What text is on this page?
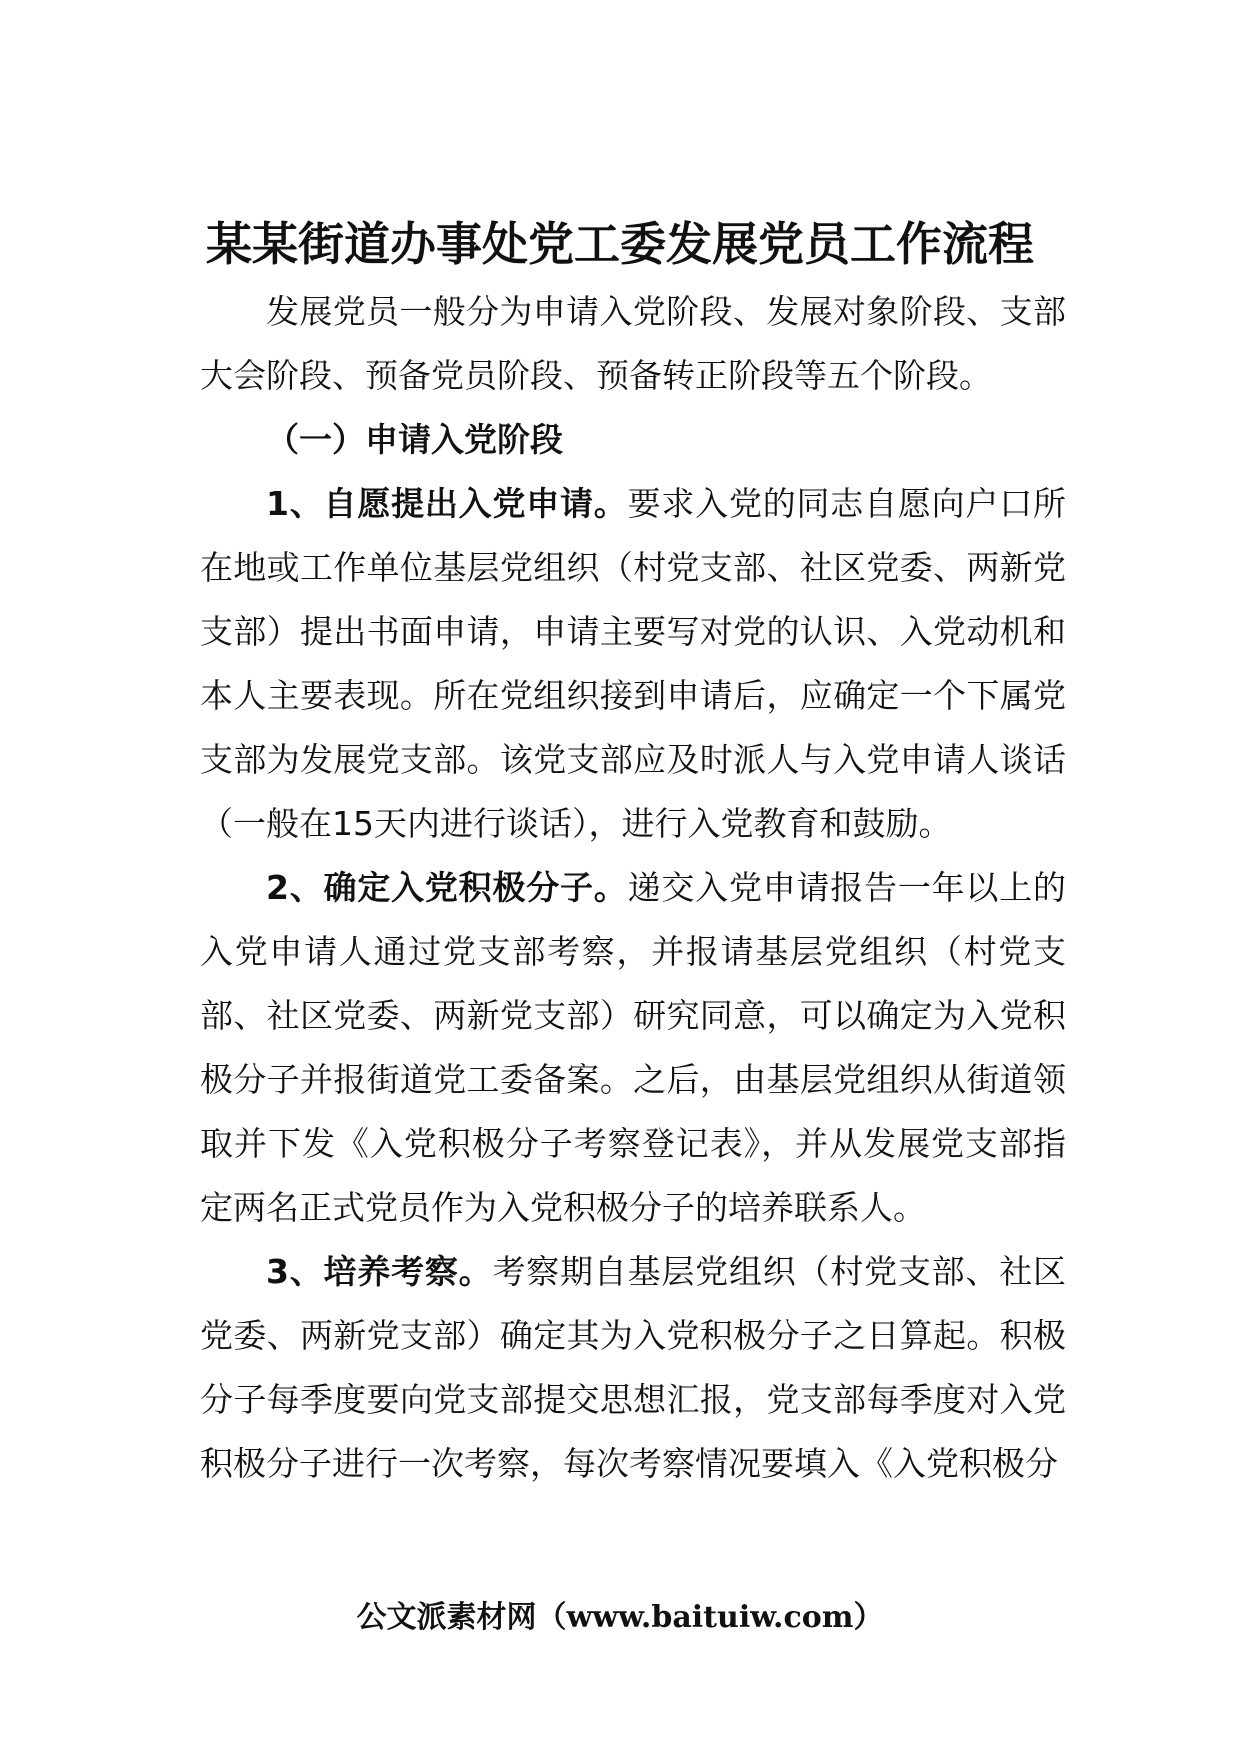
某某街道办事处党工委发展党员工作流程

发展党员一般分为申请入党阶段、发展对象阶段、支部大会阶段、预备党员阶段、预备转正阶段等五个阶段。

（一）申请入党阶段

1、自愿提出入党申请。要求入党的同志自愿向户口所在地或工作单位基层党组织（村党支部、社区党委、两新党支部）提出书面申请，申请主要写对党的认识、入党动机和本人主要表现。所在党组织接到申请后，应确定一个下属党支部为发展党支部。该党支部应及时派人与入党申请人谈话（一般在15天内进行谈话），进行入党教育和鼓励。

2、确定入党积极分子。递交入党申请报告一年以上的入党申请人通过党支部考察，并报请基层党组织（村党支部、社区党委、两新党支部）研究同意，可以确定为入党积极分子并报街道党工委备案。之后，由基层党组织从街道领取并下发《入党积极分子考察登记表》，并从发展党支部指定两名正式党员作为入党积极分子的培养联系人。

3、培养考察。考察期自基层党组织（村党支部、社区党委、两新党支部）确定其为入党积极分子之日算起。积极分子每季度要向党支部提交思想汇报，党支部每季度对入党积极分子进行一次考察，每次考察情况要填入《入党积极分

公文派素材网（www.baituiw.com）
